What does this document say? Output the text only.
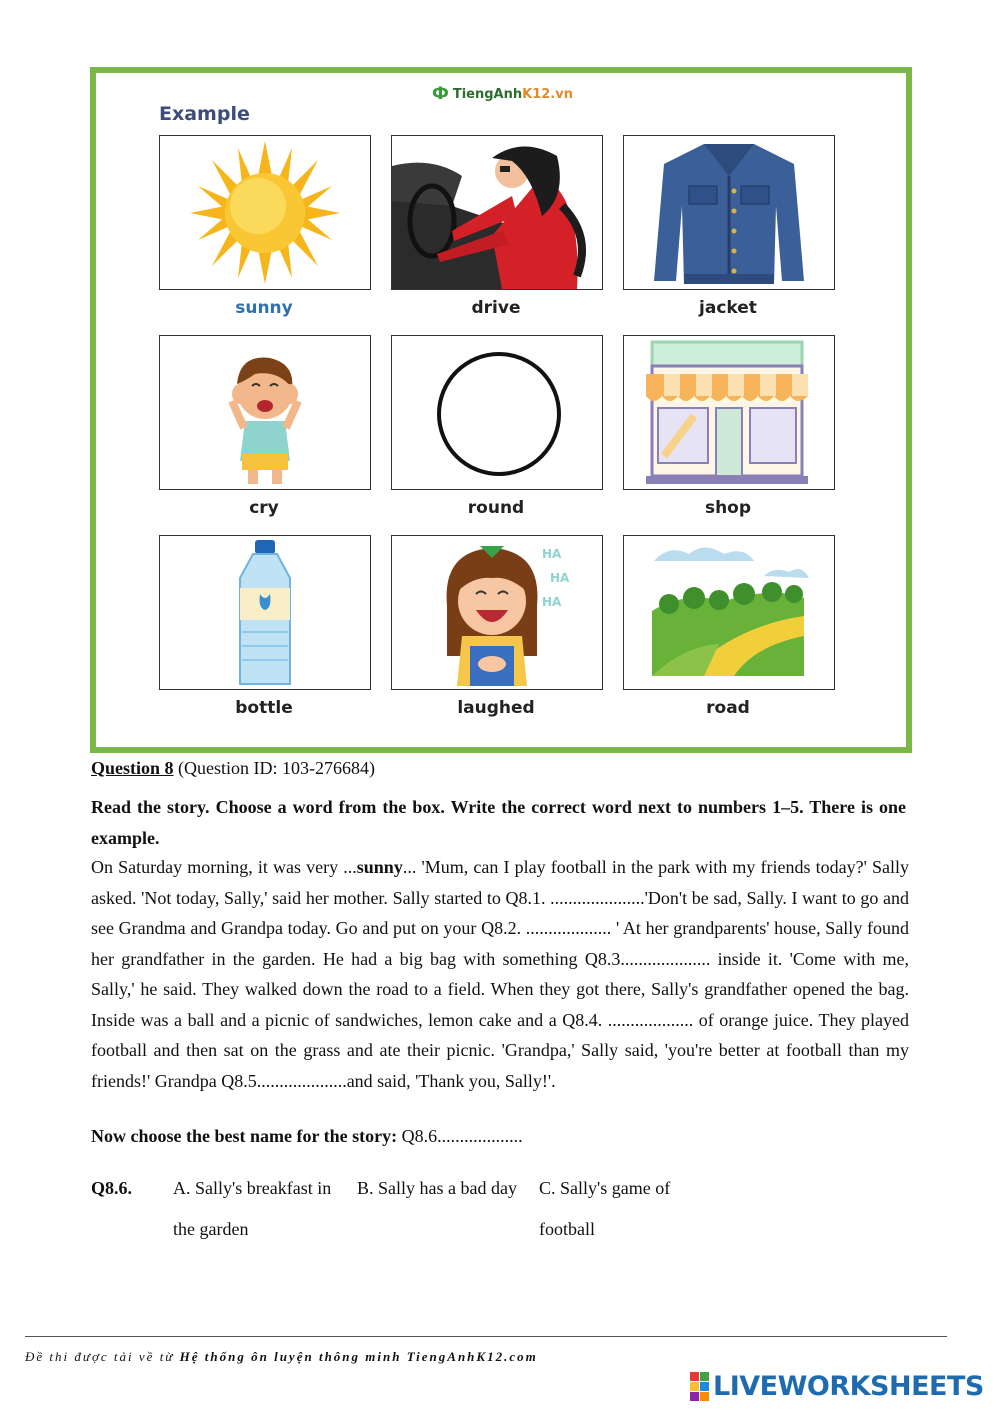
Example
Ф TiengAnhK12.vn
sunny	drive	jacket
cry	round	shop
bottle
HA
HA
HA
laughed	road
Question 8 (Question ID: 103-276684)
Read the story. Choose a word from the box. Write the correct word next to numbers 1–5. There is one example.

On Saturday morning, it was very ...sunny... 'Mum, can I play football in the park with my friends today?' Sally asked. 'Not today, Sally,' said her mother. Sally started to Q8.1. .....................'Don't be sad, Sally. I want to go and see Grandma and Grandpa today. Go and put on your Q8.2. ................... ' At her grandparents' house, Sally found her grandfather in the garden. He had a big bag with something Q8.3.................... inside it. 'Come with me, Sally,' he said. They walked down the road to a field. When they got there, Sally's grandfather opened the bag. Inside was a ball and a picnic of sandwiches, lemon cake and a Q8.4. ................... of orange juice. They played football and then sat on the grass and ate their picnic. 'Grandpa,' Sally said, 'you're better at football than my friends!' Grandpa Q8.5....................and said, 'Thank you, Sally!'.

Now choose the best name for the story: Q8.6...................
Q8.6. A. Sally's breakfast in
the garden
B. Sally has a bad day C. Sally's game of
football
Đề thi được tải về từ Hệ thống ôn luyện thông minh TiengAnhK12.com
LIVEWORKSHEETS
